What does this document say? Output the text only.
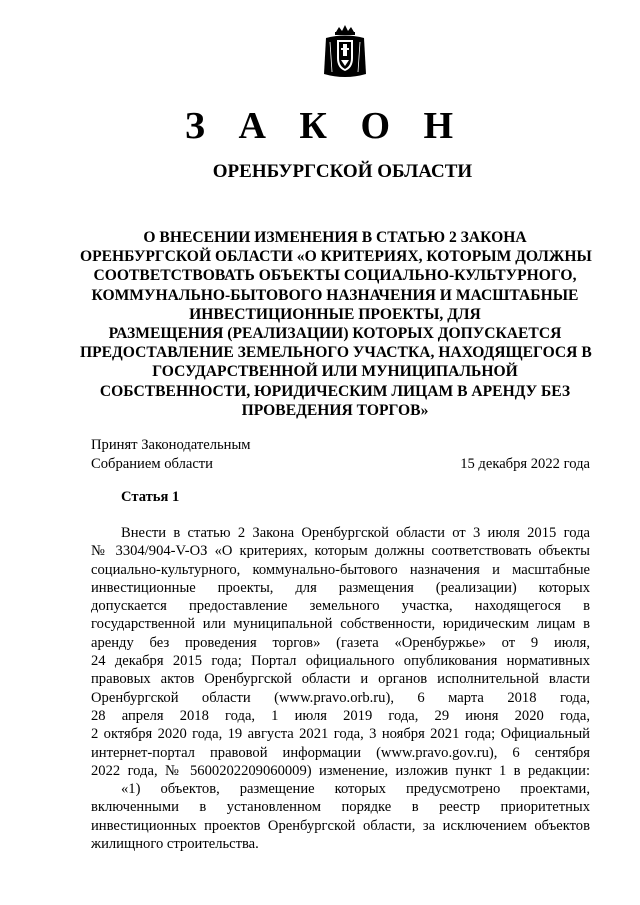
З А К О Н
ОРЕНБУРГСКОЙ ОБЛАСТИ
О ВНЕСЕНИИ ИЗМЕНЕНИЯ В СТАТЬЮ 2 ЗАКОНА
ОРЕНБУРГСКОЙ ОБЛАСТИ «О КРИТЕРИЯХ, КОТОРЫМ ДОЛЖНЫ
СООТВЕТСТВОВАТЬ ОБЪЕКТЫ СОЦИАЛЬНО-КУЛЬТУРНОГО,
КОММУНАЛЬНО-БЫТОВОГО НАЗНАЧЕНИЯ И МАСШТАБНЫЕ
ИНВЕСТИЦИОННЫЕ ПРОЕКТЫ, ДЛЯ
РАЗМЕЩЕНИЯ (РЕАЛИЗАЦИИ) КОТОРЫХ ДОПУСКАЕТСЯ
ПРЕДОСТАВЛЕНИЕ ЗЕМЕЛЬНОГО УЧАСТКА, НАХОДЯЩЕГОСЯ В
ГОСУДАРСТВЕННОЙ ИЛИ МУНИЦИПАЛЬНОЙ
СОБСТВЕННОСТИ, ЮРИДИЧЕСКИМ ЛИЦАМ В АРЕНДУ БЕЗ
ПРОВЕДЕНИЯ ТОРГОВ»
Принят Законодательным
Собранием области	15 декабря 2022 года
Статья 1
Внести в статью 2 Закона Оренбургской области от 3 июля 2015 года
№ 3304/904-V-ОЗ «О критериях, которым должны соответствовать объекты
социально-культурного, коммунально-бытового назначения и масштабные
инвестиционные проекты, для размещения (реализации) которых
допускается предоставление земельного участка, находящегося в
государственной или муниципальной собственности, юридическим лицам в
аренду без проведения торгов» (газета «Оренбуржье» от 9 июля,
24 декабря 2015 года; Портал официального опубликования нормативных
правовых актов Оренбургской области и органов исполнительной власти
Оренбургской области (www.pravo.orb.ru), 6 марта 2018 года,
28 апреля 2018 года, 1 июля 2019 года, 29 июня 2020 года,
2 октября 2020 года, 19 августа 2021 года, 3 ноября 2021 года; Официальный
интернет-портал правовой информации (www.pravo.gov.ru), 6 сентября
2022 года, № 5600202209060009) изменение, изложив пункт 1 в редакции:
«1) объектов, размещение которых предусмотрено проектами,
включенными в установленном порядке в реестр приоритетных
инвестиционных проектов Оренбургской области, за исключением объектов
жилищного строительства.
